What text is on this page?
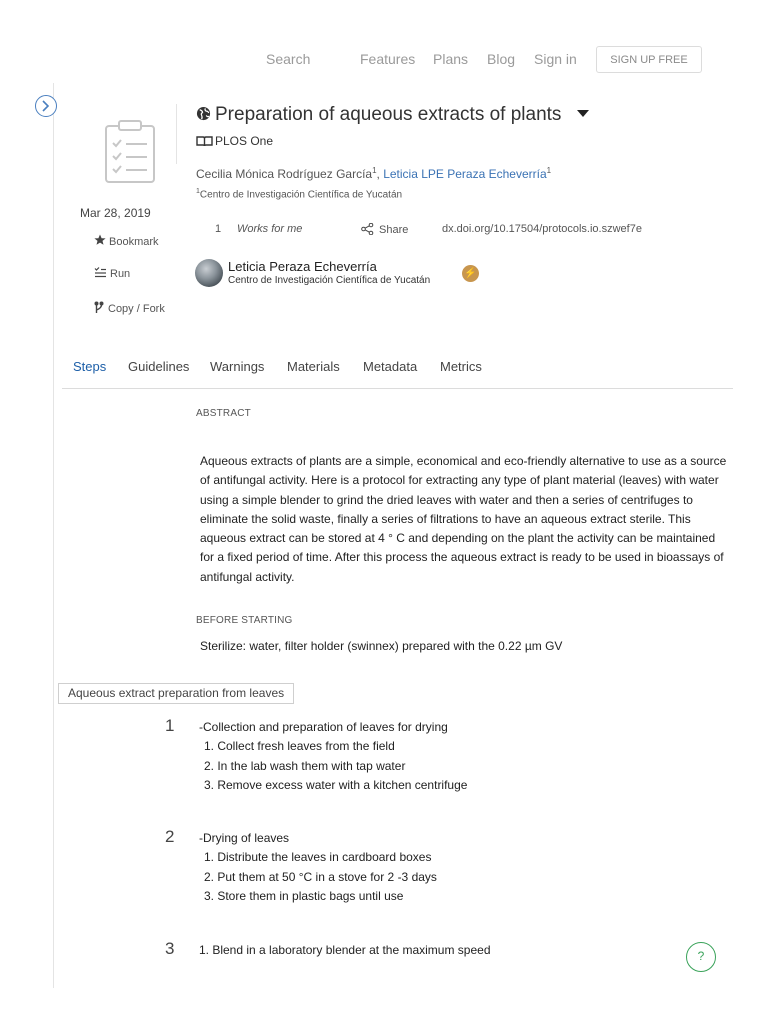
Search	Features Plans Blog Sign in	SIGN UP FREE
Preparation of aqueous extracts of plants
PLOS One
Cecilia Mónica Rodríguez García$^1$, Leticia LPE Peraza Echeverría$^1$
$^1$Centro de Investigación Científica de Yucatán
Mar 28, 2019
Bookmark
Run
Copy / Fork
1 Works for me	Share	dx.doi.org/10.17504/protocols.io.szwef7e
Leticia Peraza Echeverría
Centro de Investigación Científica de Yucatán
⚡
Steps Guidelines Warnings Materials Metadata Metrics
ABSTRACT
Aqueous extracts of plants are a simple, economical and eco-friendly alternative to use as a source of antifungal activity. Here is a protocol for extracting any type of plant material (leaves) with water using a simple blender to grind the dried leaves with water and then a series of centrifuges to eliminate the solid waste, finally a series of filtrations to have an aqueous extract sterile. This aqueous extract can be stored at 4 ° C and depending on the plant the activity can be maintained for a fixed period of time. After this process the aqueous extract is ready to be used in bioassays of antifungal activity.
BEFORE STARTING
Sterilize: water, filter holder (swinnex) prepared with the 0.22 µm GV
Aqueous extract preparation from leaves
1 -Collection and preparation of leaves for drying
1. Collect fresh leaves from the field
2. In the lab wash them with tap water
3. Remove excess water with a kitchen centrifuge
2 -Drying of leaves
1. Distribute the leaves in cardboard boxes
2. Put them at 50 °C in a stove for 2 -3 days
3. Store them in plastic bags until use
3 1. Blend in a laboratory blender at the maximum speed	?
